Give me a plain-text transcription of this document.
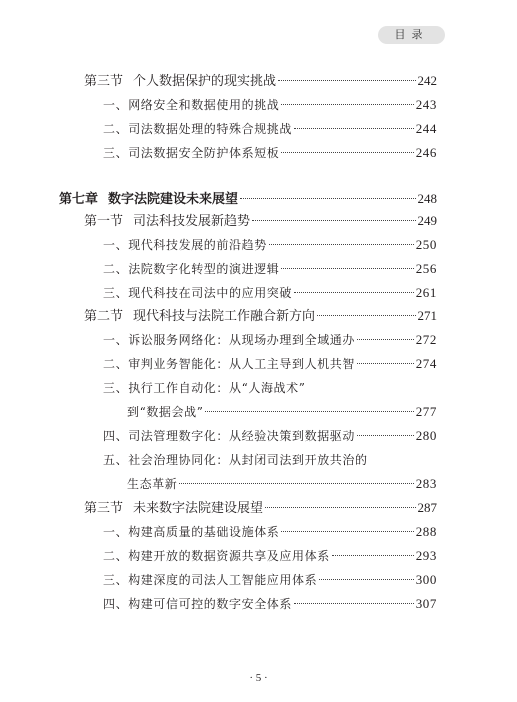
目录
第三节 个人数据保护的现实挑战	242
一、 网络安全和数据使用的挑战	243
二、 司法数据处理的特殊合规挑战	244
三、 司法数据安全防护体系短板	246
第七章 数字法院建设未来展望	248
第一节 司法科技发展新趋势	249
一、 现代科技发展的前沿趋势	250
二、 法院数字化转型的演进逻辑	256
三、 现代科技在司法中的应用突破	261
第二节 现代科技与法院工作融合新方向	271
一、 诉讼服务网络化：从现场办理到全域通办	272
二、 审判业务智能化：从人工主导到人机共智	274
三、执行工作自动化：从“人海战术”
到“数据会战”	277
四、 司法管理数字化：从经验决策到数据驱动	280
五、社会治理协同化：从封闭司法到开放共治的
生态革新	283
第三节 未来数字法院建设展望	287
一、 构建高质量的基础设施体系	288
二、 构建开放的数据资源共享及应用体系	293
三、 构建深度的司法人工智能应用体系	300
四、 构建可信可控的数字安全体系	307
· 5 ·
